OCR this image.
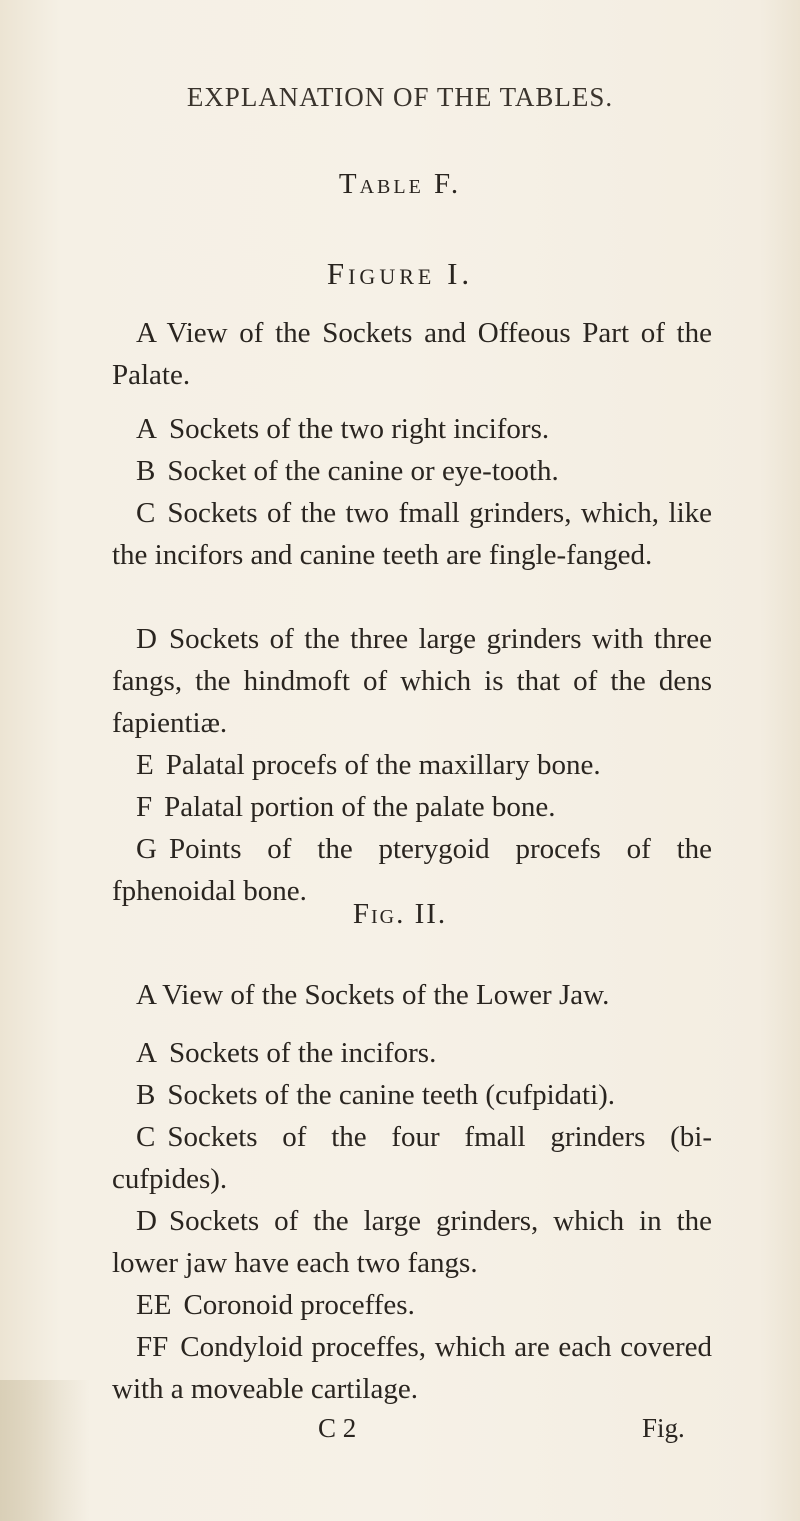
EXPLANATION OF THE TABLES.
Table F.
Figure I.
A View of the Sockets and Offeous Part of the Palate.
A Sockets of the two right incifors.
B Socket of the canine or eye-tooth.
C Sockets of the two fmall grinders, which, like the incifors and canine teeth are fingle-fanged.
D Sockets of the three large grinders with three fangs, the hindmoft of which is that of the dens fapientiæ.
E Palatal procefs of the maxillary bone.
F Palatal portion of the palate bone.
G Points of the pterygoid procefs of the fphenoidal bone.
Fig. II.
A View of the Sockets of the Lower Jaw.
A Sockets of the incifors.
B Sockets of the canine teeth (cufpidati).
C Sockets of the four fmall grinders (bi-cufpides).
D Sockets of the large grinders, which in the lower jaw have each two fangs.
EE Coronoid proceffes.
FF Condyloid proceffes, which are each covered with a moveable cartilage.
C 2	Fig.
